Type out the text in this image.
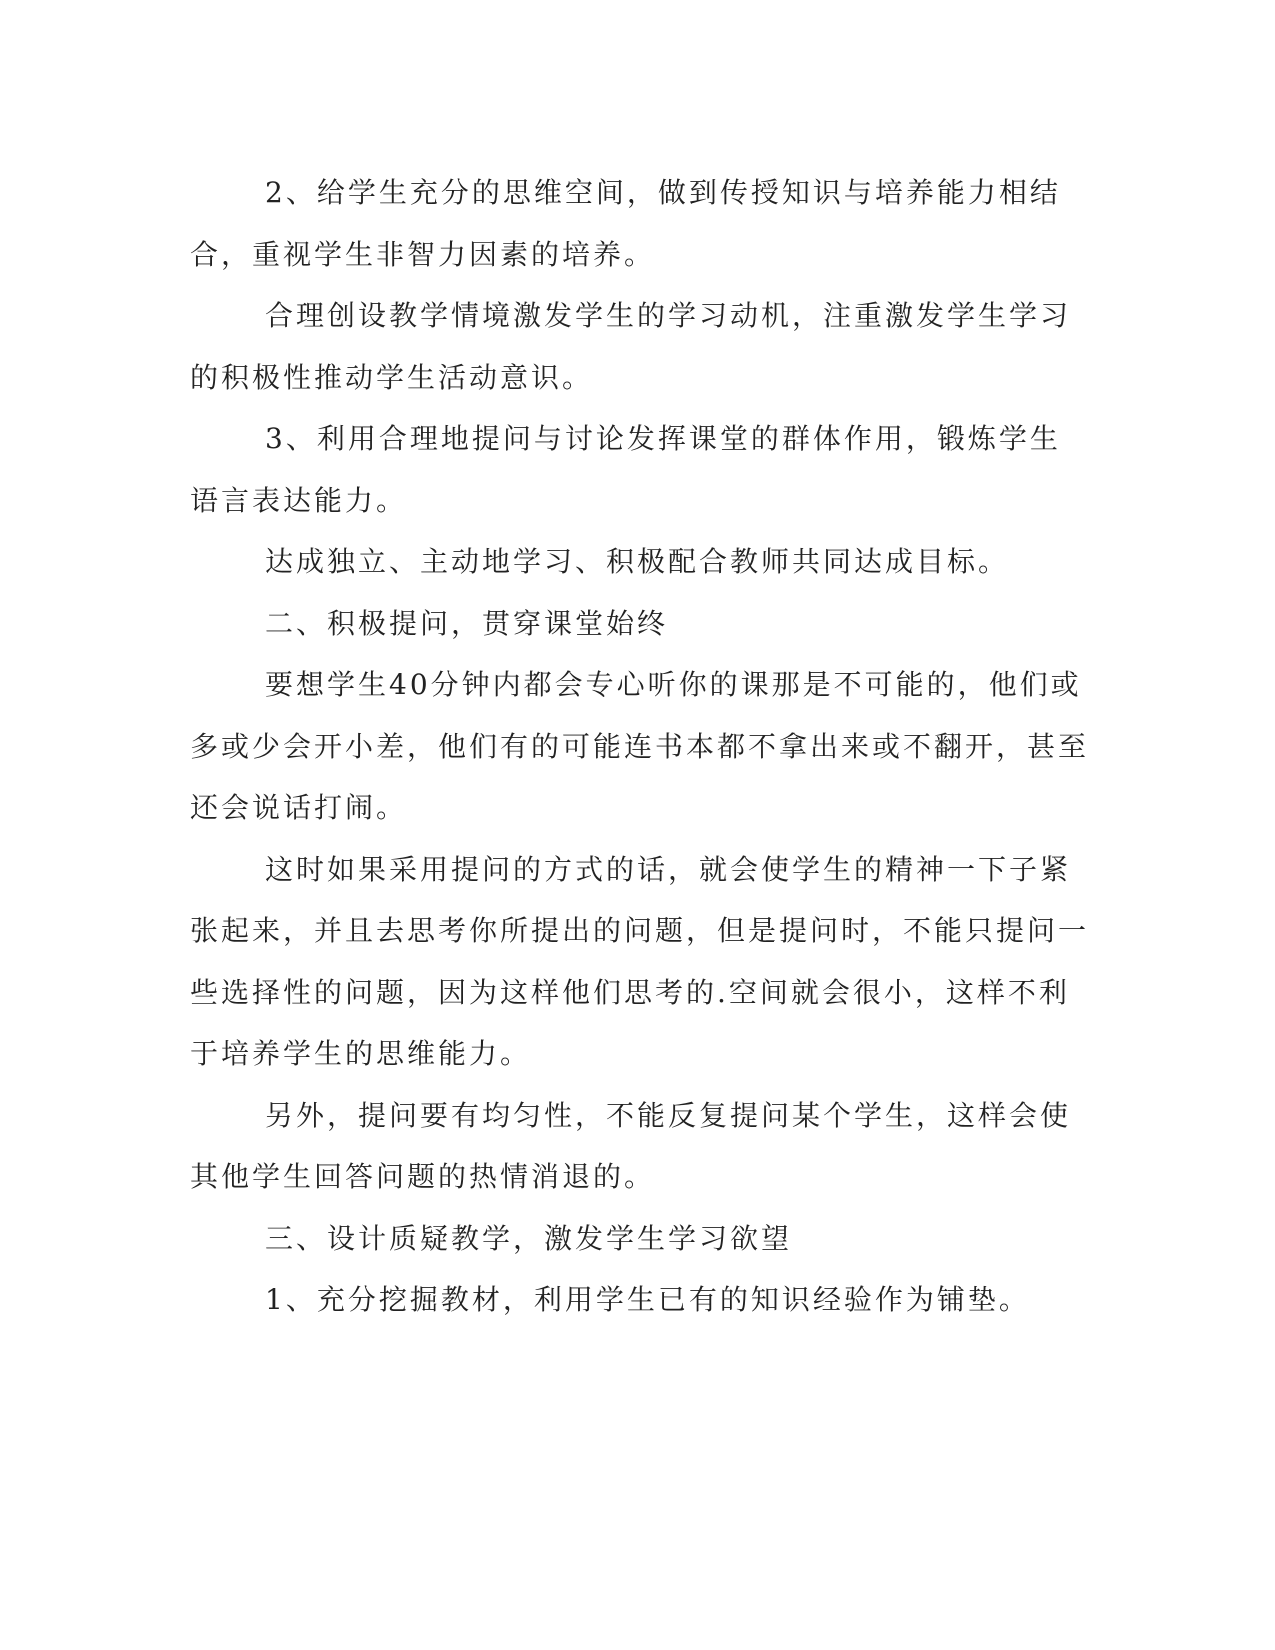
2、给学生充分的思维空间，做到传授知识与培养能力相结合，重视学生非智力因素的培养。

合理创设教学情境激发学生的学习动机，注重激发学生学习的积极性推动学生活动意识。

3、利用合理地提问与讨论发挥课堂的群体作用，锻炼学生语言表达能力。

达成独立、主动地学习、积极配合教师共同达成目标。

二、积极提问，贯穿课堂始终

要想学生40分钟内都会专心听你的课那是不可能的，他们或多或少会开小差，他们有的可能连书本都不拿出来或不翻开，甚至还会说话打闹。

这时如果采用提问的方式的话，就会使学生的精神一下子紧张起来，并且去思考你所提出的问题，但是提问时，不能只提问一些选择性的问题，因为这样他们思考的.空间就会很小，这样不利于培养学生的思维能力。

另外，提问要有均匀性，不能反复提问某个学生，这样会使其他学生回答问题的热情消退的。

三、设计质疑教学，激发学生学习欲望

1、充分挖掘教材，利用学生已有的知识经验作为铺垫。
